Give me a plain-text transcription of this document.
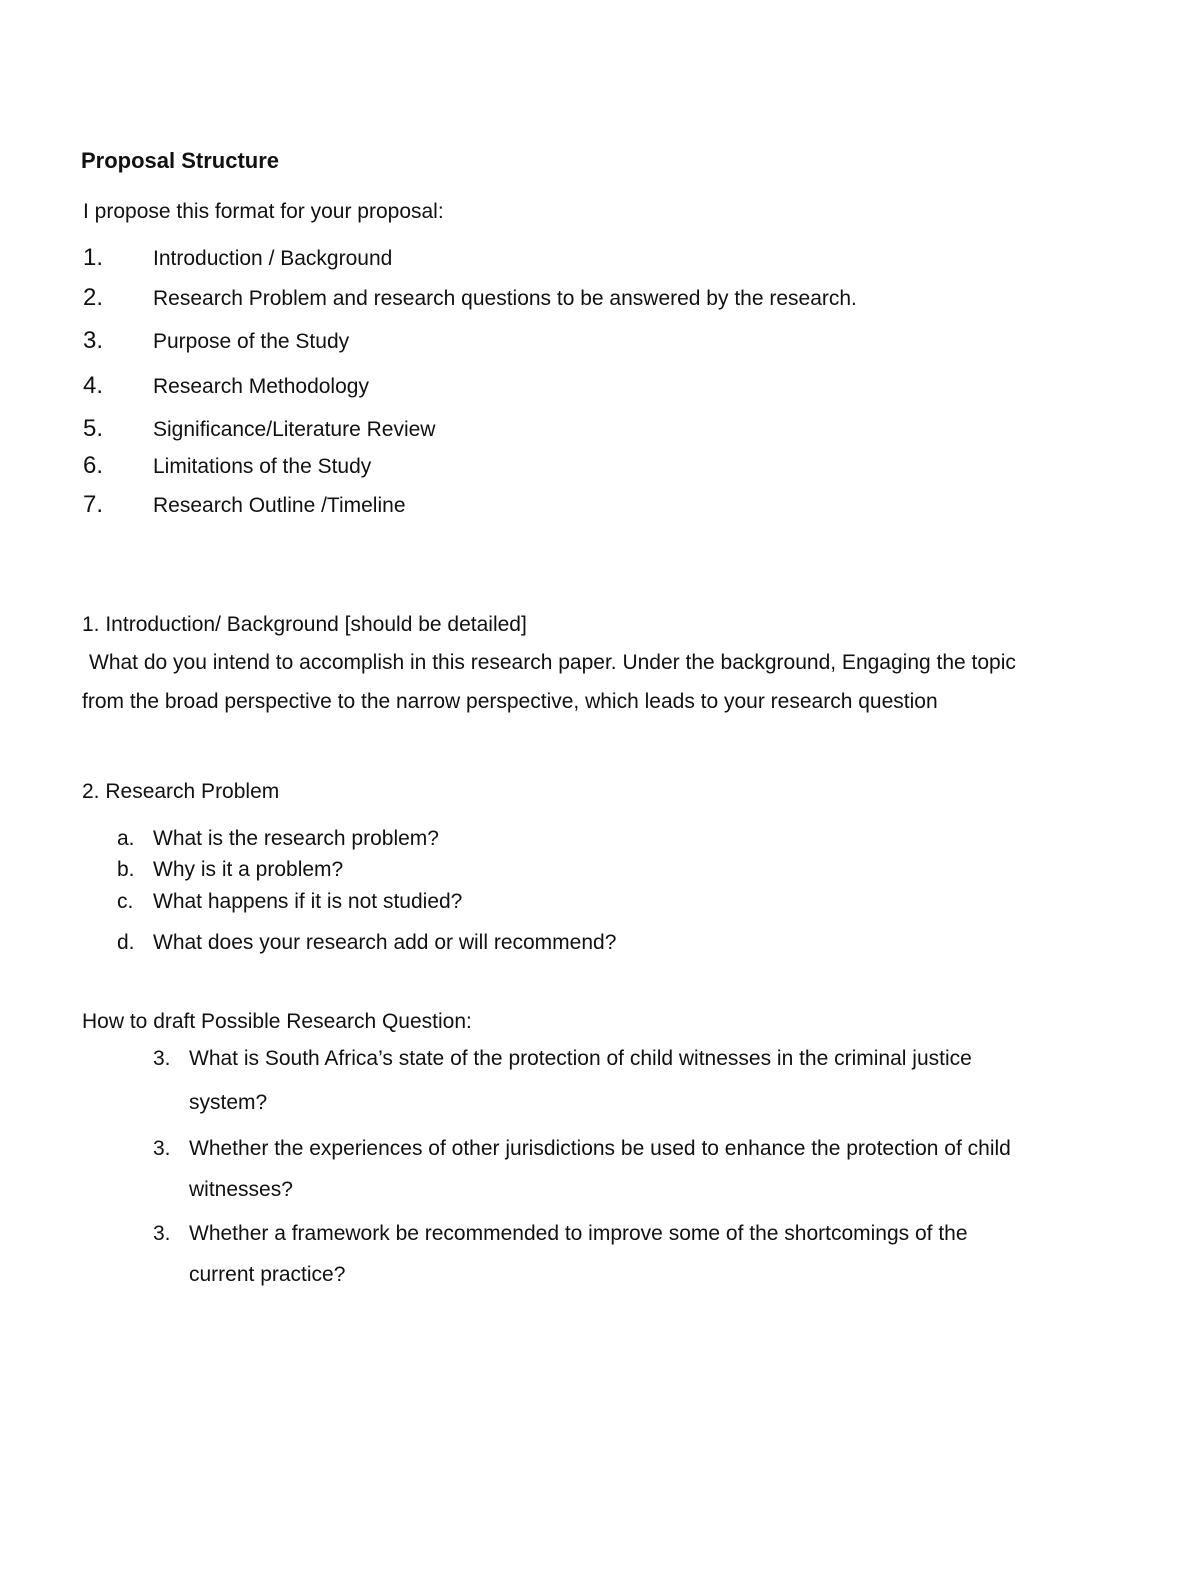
Proposal Structure
I propose this format for your proposal:
1. Introduction / Background
2. Research Problem and research questions to be answered by the research.
3. Purpose of the Study
4. Research Methodology
5. Significance/Literature Review
6. Limitations of the Study
7. Research Outline /Timeline
1. Introduction/ Background [should be detailed]
What do you intend to accomplish in this research paper. Under the background, Engaging the topic
from the broad perspective to the narrow perspective, which leads to your research question
2. Research Problem
a. What is the research problem?
b. Why is it a problem?
c. What happens if it is not studied?
d. What does your research add or will recommend?
How to draft Possible Research Question:
3. What is South Africa’s state of the protection of child witnesses in the criminal justice
system?
3. Whether the experiences of other jurisdictions be used to enhance the protection of child
witnesses?
3. Whether a framework be recommended to improve some of the shortcomings of the
current practice?
